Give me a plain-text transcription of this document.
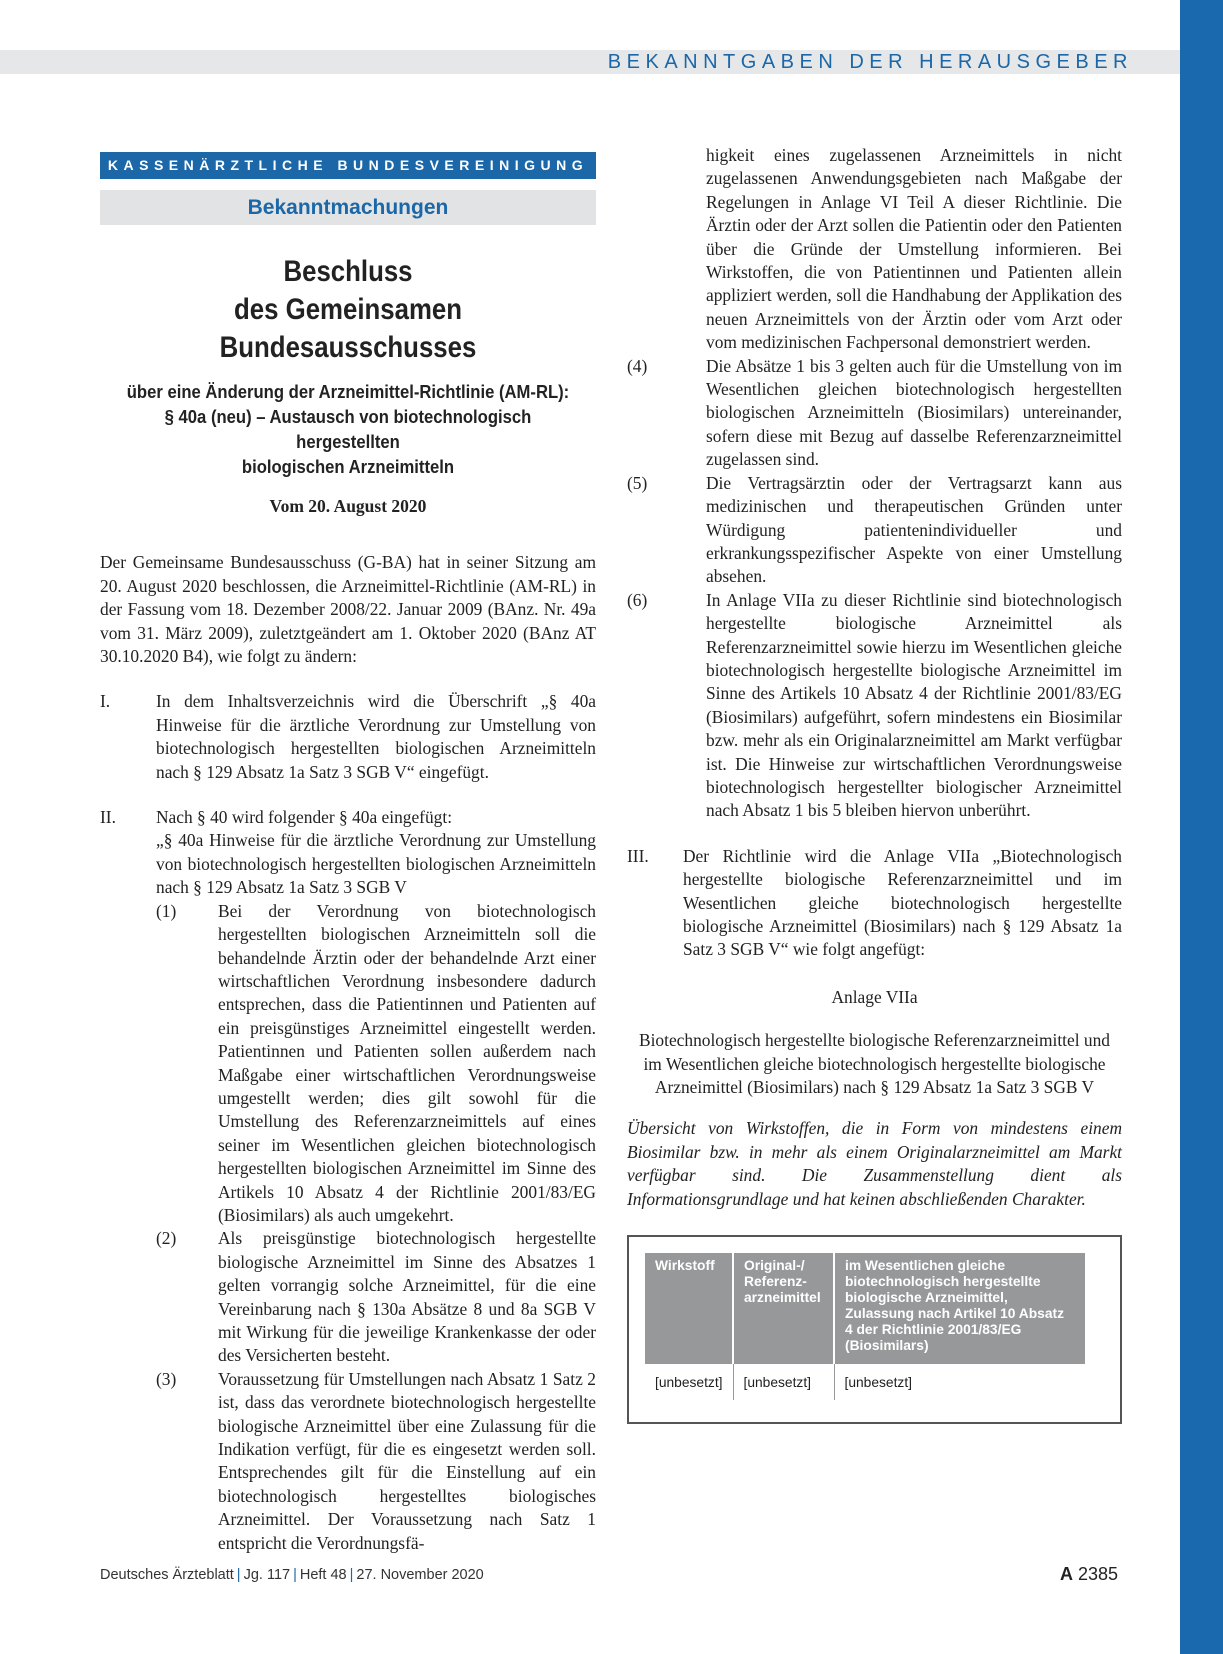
BEKANNTGABEN DER HERAUSGEBER
KASSENÄRZTLICHE BUNDESVEREINIGUNG
Bekanntmachungen
Beschluss
des Gemeinsamen Bundesausschusses
über eine Änderung der Arzneimittel-Richtlinie (AM-RL):
§ 40a (neu) – Austausch von biotechnologisch hergestellten
biologischen Arzneimitteln
Vom 20. August 2020

Der Gemeinsame Bundesausschuss (G-BA) hat in seiner Sitzung am 20. August 2020 beschlossen, die Arzneimittel-Richtlinie (AM-RL) in der Fassung vom 18. Dezember 2008/22. Januar 2009 (BAnz. Nr. 49a vom 31. März 2009), zuletztgeändert am 1. Oktober 2020 (BAnz AT 30.10.2020 B4), wie folgt zu ändern:

I.	In dem Inhaltsverzeichnis wird die Überschrift „§ 40a Hinweise für die ärztliche Verordnung zur Umstellung von biotechnologisch hergestellten biologischen Arzneimitteln nach § 129 Absatz 1a Satz 3 SGB V“ eingefügt.
II.	Nach § 40 wird folgender § 40a eingefügt:
„§ 40a Hinweise für die ärztliche Verordnung zur Umstellung von biotechnologisch hergestellten biologischen Arzneimitteln nach § 129 Absatz 1a Satz 3 SGB V
(1)	Bei der Verordnung von biotechnologisch hergestellten biologischen Arzneimitteln soll die behandelnde Ärztin oder der behandelnde Arzt einer wirtschaftlichen Verordnung insbesondere dadurch entsprechen, dass die Patientinnen und Patienten auf ein preisgünstiges Arzneimittel eingestellt werden. Patientinnen und Patienten sollen außerdem nach Maßgabe einer wirtschaftlichen Verordnungsweise umgestellt werden; dies gilt sowohl für die Umstellung des Referenzarzneimittels auf eines seiner im Wesentlichen gleichen biotechnologisch hergestellten biologischen Arzneimittel im Sinne des Artikels 10 Absatz 4 der Richtlinie 2001/83/EG (Biosimilars) als auch umgekehrt.
(2)	Als preisgünstige biotechnologisch hergestellte biologische Arzneimittel im Sinne des Absatzes 1 gelten vorrangig solche Arzneimittel, für die eine Vereinbarung nach § 130a Absätze 8 und 8a SGB V mit Wirkung für die jeweilige Krankenkasse der oder des Versicherten besteht.
(3)	Voraussetzung für Umstellungen nach Absatz 1 Satz 2 ist, dass das verordnete biotechnologisch hergestellte biologische Arzneimittel über eine Zulassung für die Indikation verfügt, für die es eingesetzt werden soll. Entsprechendes gilt für die Einstellung auf ein biotechnologisch hergestelltes biologisches Arzneimittel. Der Voraussetzung nach Satz 1 entspricht die Verordnungsfä-
higkeit eines zugelassenen Arzneimittels in nicht zugelassenen Anwendungsgebieten nach Maßgabe der Regelungen in Anlage VI Teil A dieser Richtlinie. Die Ärztin oder der Arzt sollen die Patientin oder den Patienten über die Gründe der Umstellung informieren. Bei Wirkstoffen, die von Patientinnen und Patienten allein appliziert werden, soll die Handhabung der Applikation des neuen Arzneimittels von der Ärztin oder vom Arzt oder vom medizinischen Fachpersonal demonstriert werden.
(4)	Die Absätze 1 bis 3 gelten auch für die Umstellung von im Wesentlichen gleichen biotechnologisch hergestellten biologischen Arzneimitteln (Biosimilars) untereinander, sofern diese mit Bezug auf dasselbe Referenzarzneimittel zugelassen sind.
(5)	Die Vertragsärztin oder der Vertragsarzt kann aus medizinischen und therapeutischen Gründen unter Würdigung patientenindividueller und erkrankungsspezifischer Aspekte von einer Umstellung absehen.
(6)	In Anlage VIIa zu dieser Richtlinie sind biotechnologisch hergestellte biologische Arzneimittel als Referenzarzneimittel sowie hierzu im Wesentlichen gleiche biotechnologisch hergestellte biologische Arzneimittel im Sinne des Artikels 10 Absatz 4 der Richtlinie 2001/83/EG (Biosimilars) aufgeführt, sofern mindestens ein Biosimilar bzw. mehr als ein Originalarzneimittel am Markt verfügbar ist. Die Hinweise zur wirtschaftlichen Verordnungsweise biotechnologisch hergestellter biologischer Arzneimittel nach Absatz 1 bis 5 bleiben hiervon unberührt.
III.	Der Richtlinie wird die Anlage VIIa „Biotechnologisch hergestellte biologische Referenzarzneimittel und im Wesentlichen gleiche biotechnologisch hergestellte biologische Arzneimittel (Biosimilars) nach § 129 Absatz 1a Satz 3 SGB V“ wie folgt angefügt:
Anlage VIIa
Biotechnologisch hergestellte biologische Referenzarzneimittel und
im Wesentlichen gleiche biotechnologisch hergestellte biologische
Arzneimittel (Biosimilars) nach § 129 Absatz 1a Satz 3 SGB V

Übersicht von Wirkstoffen, die in Form von mindestens einem Biosimilar bzw. in mehr als einem Originalarzneimittel am Markt verfügbar sind. Die Zusammenstellung dient als Informationsgrundlage und hat keinen abschließenden Charakter.

Wirkstoff	Original-/ Referenz-arzneimittel	im Wesentlichen gleiche biotechnologisch hergestellte biologische Arzneimittel, Zulassung nach Artikel 10 Absatz 4 der Richtlinie 2001/83/EG (Biosimilars)
[unbesetzt]	[unbesetzt]	[unbesetzt]
Deutsches Ärzteblatt | Jg. 117 | Heft 48 | 27. November 2020	A 2385
